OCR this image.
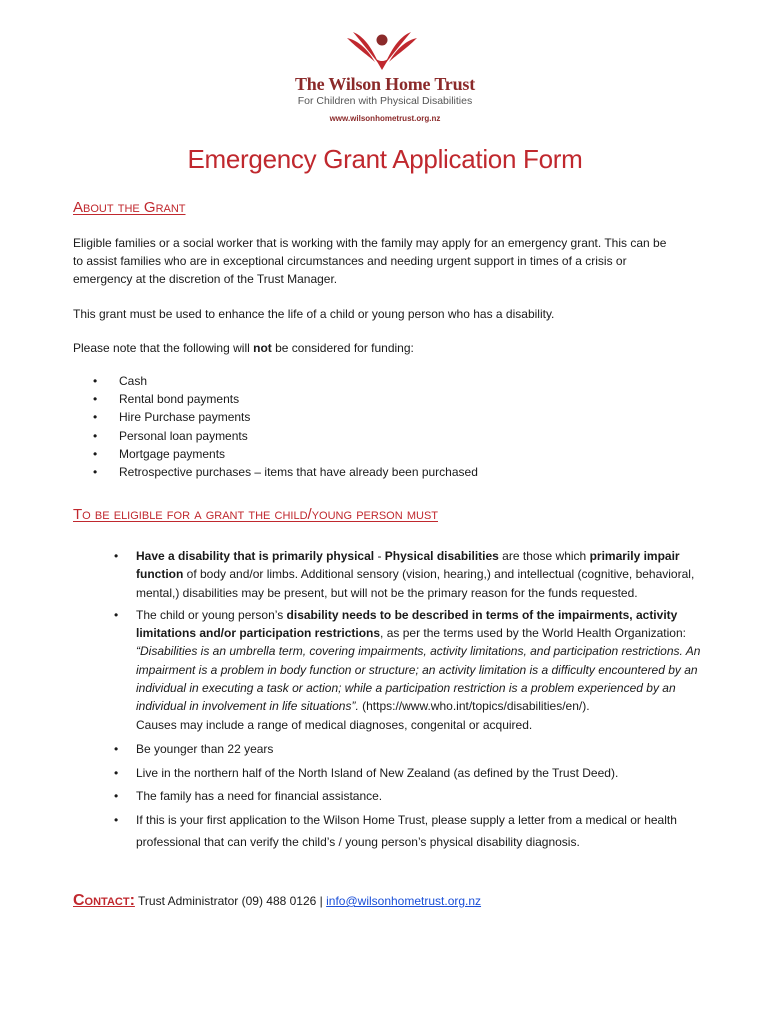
The Wilson Home Trust
For Children with Physical Disabilities
www.wilsonhometrust.org.nz
Emergency Grant Application Form
About the Grant

Eligible families or a social worker that is working with the family may apply for an emergency grant. This can be to assist families who are in exceptional circumstances and needing urgent support in times of a crisis or emergency at the discretion of the Trust Manager.

This grant must be used to enhance the life of a child or young person who has a disability.

Please note that the following will not be considered for funding:

• Cash
• Rental bond payments
• Hire Purchase payments
• Personal loan payments
• Mortgage payments
• Retrospective purchases – items that have already been purchased
To be eligible for a grant the child/young person must
• Have a disability that is primarily physical - Physical disabilities are those which primarily impair function of body and/or limbs. Additional sensory (vision, hearing,) and intellectual (cognitive, behavioral, mental,) disabilities may be present, but will not be the primary reason for the funds requested.
• The child or young person’s disability needs to be described in terms of the impairments, activity limitations and/or participation restrictions, as per the terms used by the World Health Organization: “Disabilities is an umbrella term, covering impairments, activity limitations, and participation restrictions. An impairment is a problem in body function or structure; an activity limitation is a difficulty encountered by an individual in executing a task or action; while a participation restriction is a problem experienced by an individual in involvement in life situations”. (https://www.who.int/topics/disabilities/en/).
Causes may include a range of medical diagnoses, congenital or acquired.
• Be younger than 22 years
• Live in the northern half of the North Island of New Zealand (as defined by the Trust Deed).
• The family has a need for financial assistance.
• If this is your first application to the Wilson Home Trust, please supply a letter from a medical or health professional that can verify the child’s / young person’s physical disability diagnosis.
Contact: Trust Administrator (09) 488 0126 | info@wilsonhometrust.org.nz
